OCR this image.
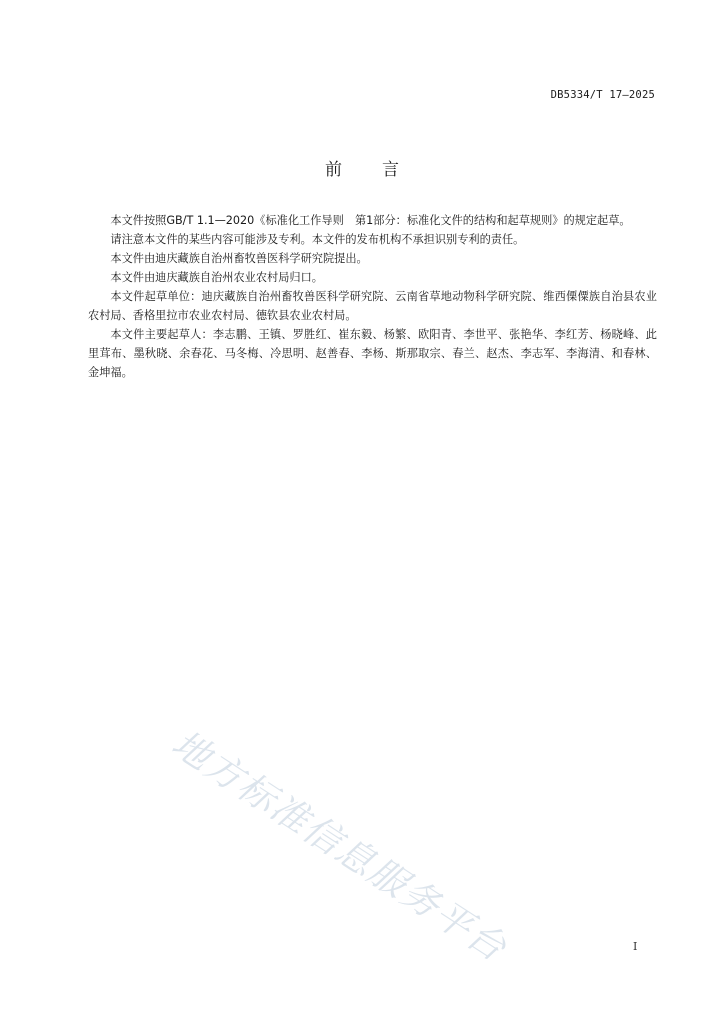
DB5334/T 17—2025
前言

本文件按照GB/T 1.1—2020《标准化工作导则　第1部分：标准化文件的结构和起草规则》的规定起草。

请注意本文件的某些内容可能涉及专利。本文件的发布机构不承担识别专利的责任。

本文件由迪庆藏族自治州畜牧兽医科学研究院提出。

本文件由迪庆藏族自治州农业农村局归口。

本文件起草单位：迪庆藏族自治州畜牧兽医科学研究院、云南省草地动物科学研究院、维西傈僳族自治县农业农村局、香格里拉市农业农村局、德钦县农业农村局。

本文件主要起草人：李志鹏、王镇、罗胜红、崔东毅、杨繁、欧阳青、李世平、张艳华、李红芳、杨晓峰、此里茸布、墨秋晓、余春花、马冬梅、冷思明、赵善春、李杨、斯那取宗、春兰、赵杰、李志军、李海清、和春林、金坤福。

地方标准信息服务平台	I
